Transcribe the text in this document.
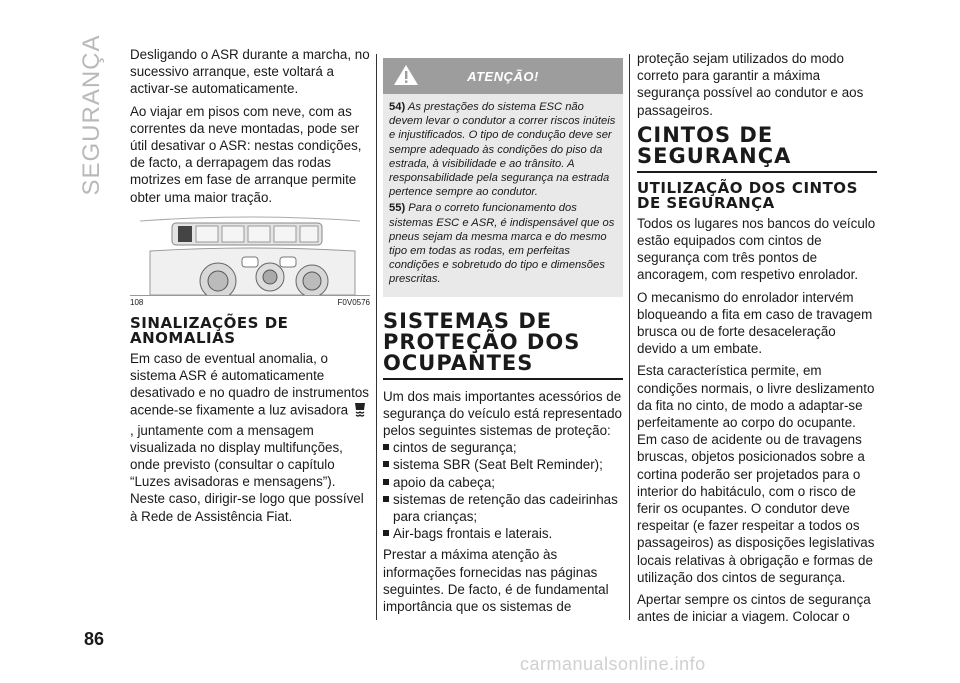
SEGURANÇA Desligando o ASR durante a marcha, no sucessivo arranque, este voltará a activar-se automaticamente.

Ao viajar em pisos com neve, com as correntes da neve montadas, pode ser útil desativar o ASR: nestas condições, de facto, a derrapagem das rodas motrizes em fase de arranque permite obter uma maior tração.

108	F0V0576
SINALIZAÇÕES DE ANOMALIAS

Em caso de eventual anomalia, o sistema ASR é automaticamente desativado e no quadro de instrumentos acende-se fixamente a luz avisadora  , juntamente com a mensagem visualizada no display multifunções, onde previsto (consultar o capítulo “Luzes avisadoras e mensagens”). Neste caso, dirigir-se logo que possível à Rede de Assistência Fiat.

ATENÇÃO!

54) As prestações do sistema ESC não devem levar o condutor a correr riscos inúteis e injustificados. O tipo de condução deve ser sempre adequado às condições do piso da estrada, à visibilidade e ao trânsito. A responsabilidade pela segurança na estrada pertence sempre ao condutor.

55) Para o correto funcionamento dos sistemas ESC e ASR, é indispensável que os pneus sejam da mesma marca e do mesmo tipo em todas as rodas, em perfeitas condições e sobretudo do tipo e dimensões prescritas.

SISTEMAS DE PROTEÇÃO DOS OCUPANTES

Um dos mais importantes acessórios de segurança do veículo está representado pelos seguintes sistemas de proteção:

cintos de segurança;
sistema SBR (Seat Belt Reminder);
apoio da cabeça;
sistemas de retenção das cadeirinhas para crianças;
Air-bags frontais e laterais.

Prestar a máxima atenção às informações fornecidas nas páginas seguintes. De facto, é de fundamental importância que os sistemas de

proteção sejam utilizados do modo correto para garantir a máxima segurança possível ao condutor e aos passageiros.

CINTOS DE SEGURANÇA
UTILIZAÇÃO DOS CINTOS DE SEGURANÇA

Todos os lugares nos bancos do veículo estão equipados com cintos de segurança com três pontos de ancoragem, com respetivo enrolador.

O mecanismo do enrolador intervém bloqueando a fita em caso de travagem brusca ou de forte desaceleração devido a um embate.

Esta característica permite, em condições normais, o livre deslizamento da fita no cinto, de modo a adaptar-se perfeitamente ao corpo do ocupante. Em caso de acidente ou de travagens bruscas, objetos posicionados sobre a cortina poderão ser projetados para o interior do habitáculo, com o risco de ferir os ocupantes. O condutor deve respeitar (e fazer respeitar a todos os passageiros) as disposições legislativas locais relativas à obrigação e formas de utilização dos cintos de segurança.

Apertar sempre os cintos de segurança antes de iniciar a viagem. Colocar o

86
carmanualsonline.info
